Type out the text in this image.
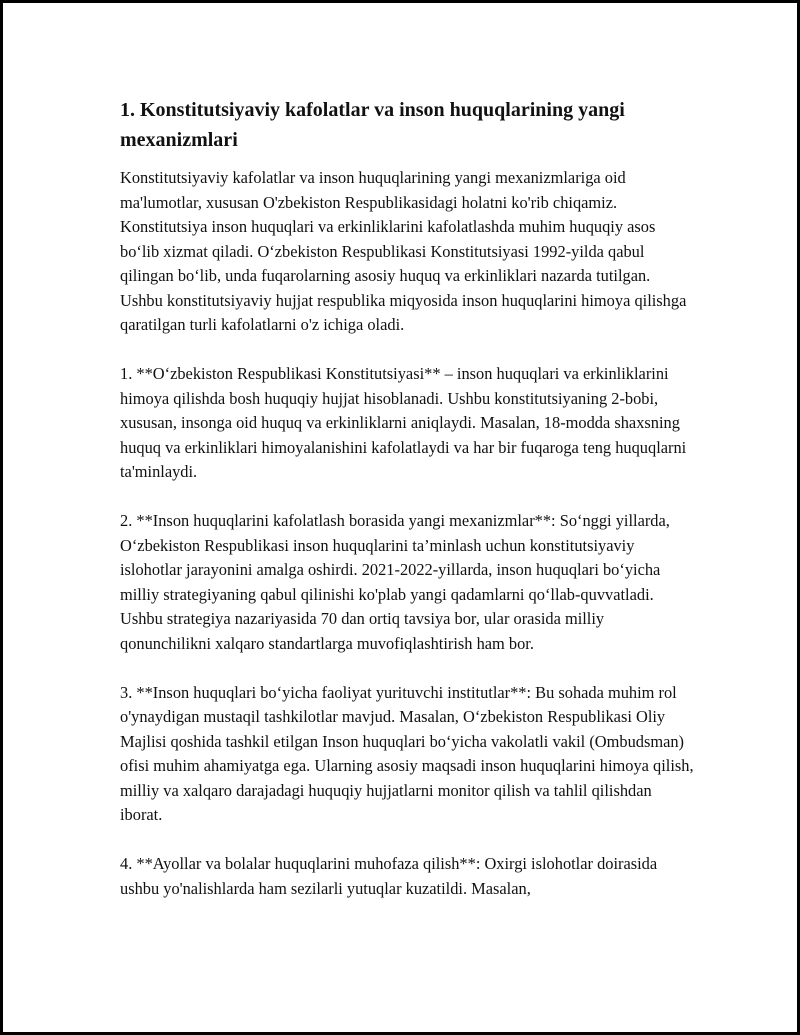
1. Konstitutsiyaviy kafolatlar va inson huquqlarining yangi mexanizmlari

Konstitutsiyaviy kafolatlar va inson huquqlarining yangi mexanizmlariga oid ma'lumotlar, xususan O'zbekiston Respublikasidagi holatni ko'rib chiqamiz. Konstitutsiya inson huquqlari va erkinliklarini kafolatlashda muhim huquqiy asos bo‘lib xizmat qiladi. O‘zbekiston Respublikasi Konstitutsiyasi 1992-yilda qabul qilingan bo‘lib, unda fuqarolarning asosiy huquq va erkinliklari nazarda tutilgan. Ushbu konstitutsiyaviy hujjat respublika miqyosida inson huquqlarini himoya qilishga qaratilgan turli kafolatlarni o'z ichiga oladi.

1. **O‘zbekiston Respublikasi Konstitutsiyasi** – inson huquqlari va erkinliklarini himoya qilishda bosh huquqiy hujjat hisoblanadi. Ushbu konstitutsiyaning 2-bobi, xususan, insonga oid huquq va erkinliklarni aniqlaydi. Masalan, 18-modda shaxsning huquq va erkinliklari himoyalanishini kafolatlaydi va har bir fuqaroga teng huquqlarni ta'minlaydi.

2. **Inson huquqlarini kafolatlash borasida yangi mexanizmlar**: So‘nggi yillarda, O‘zbekiston Respublikasi inson huquqlarini ta’minlash uchun konstitutsiyaviy islohotlar jarayonini amalga oshirdi. 2021-2022-yillarda, inson huquqlari bo‘yicha milliy strategiyaning qabul qilinishi ko'plab yangi qadamlarni qo‘llab-quvvatladi. Ushbu strategiya nazariyasida 70 dan ortiq tavsiya bor, ular orasida milliy qonunchilikni xalqaro standartlarga muvofiqlashtirish ham bor.

3. **Inson huquqlari bo‘yicha faoliyat yurituvchi institutlar**: Bu sohada muhim rol o'ynaydigan mustaqil tashkilotlar mavjud. Masalan, O‘zbekiston Respublikasi Oliy Majlisi qoshida tashkil etilgan Inson huquqlari bo‘yicha vakolatli vakil (Ombudsman) ofisi muhim ahamiyatga ega. Ularning asosiy maqsadi inson huquqlarini himoya qilish, milliy va xalqaro darajadagi huquqiy hujjatlarni monitor qilish va tahlil qilishdan iborat.

4. **Ayollar va bolalar huquqlarini muhofaza qilish**: Oxirgi islohotlar doirasida ushbu yo'nalishlarda ham sezilarli yutuqlar kuzatildi. Masalan,
